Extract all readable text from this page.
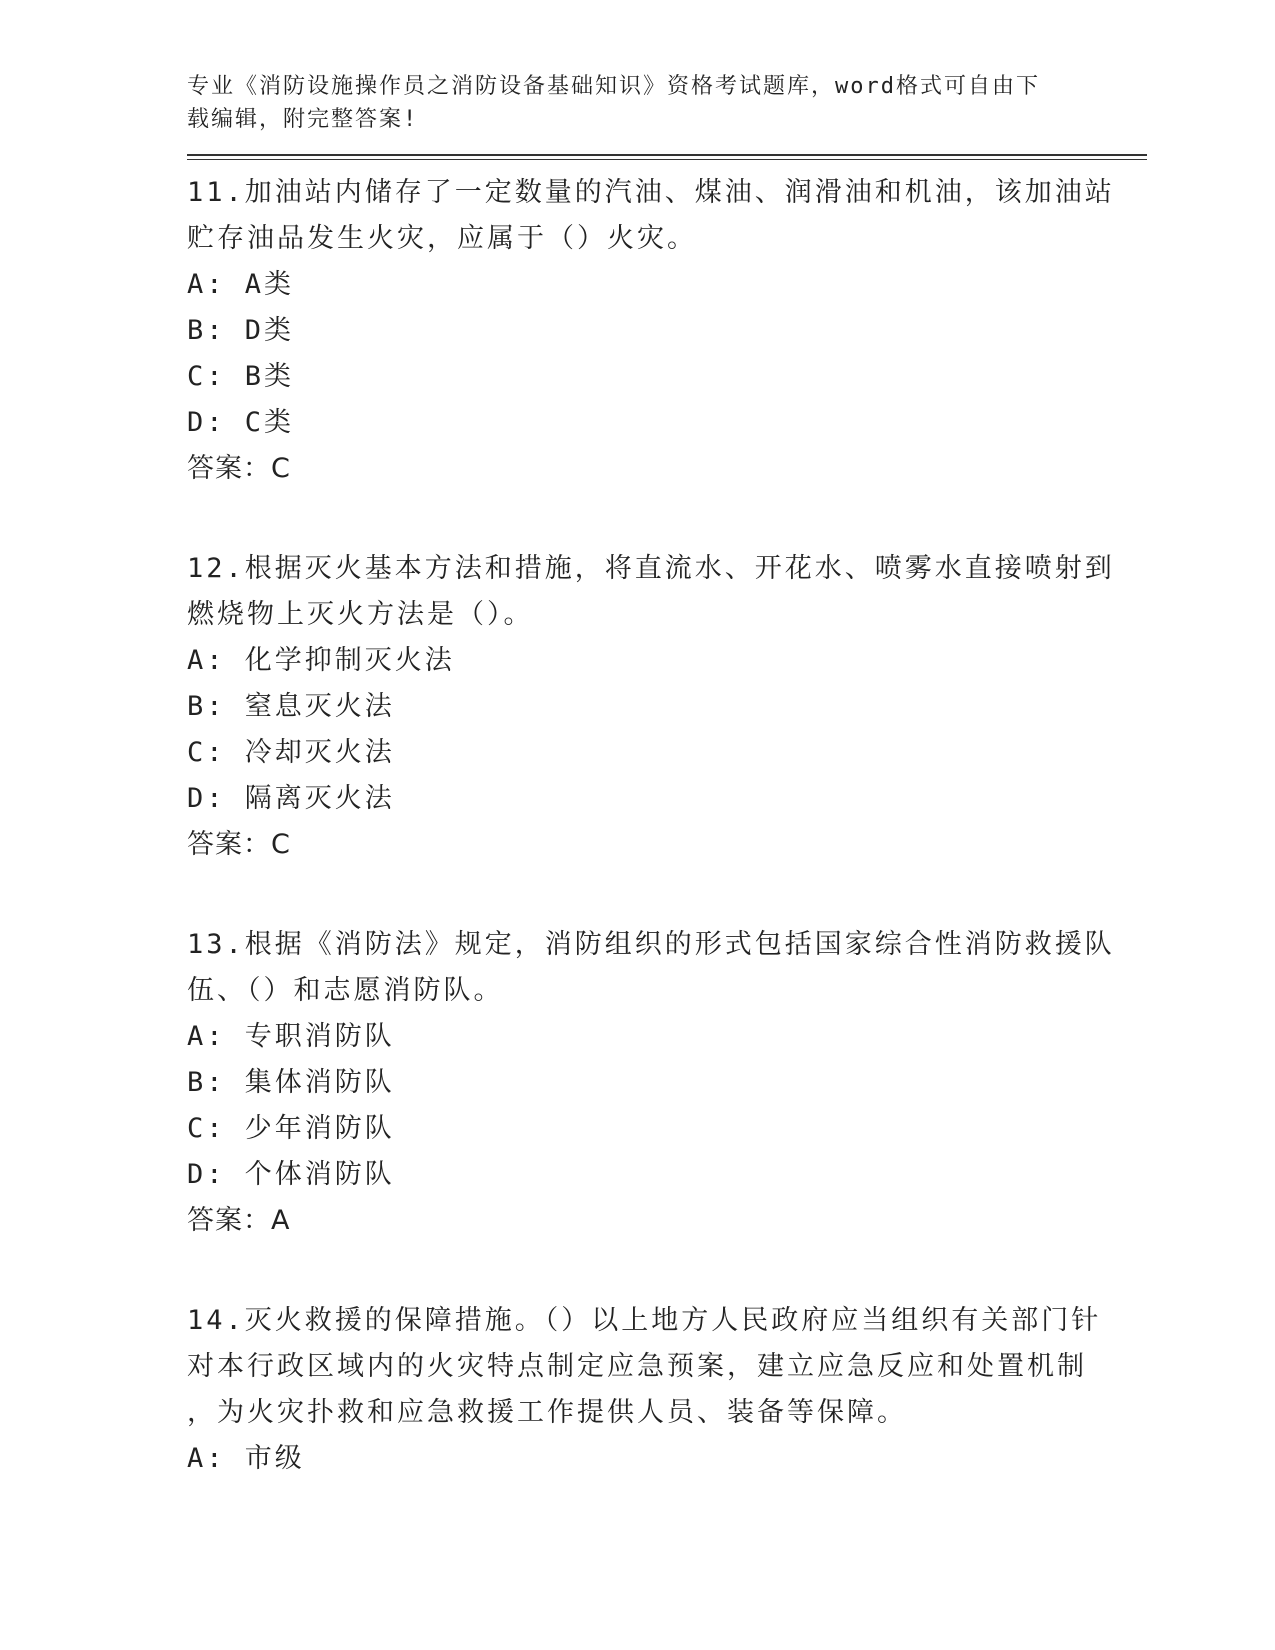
专业《消防设施操作员之消防设备基础知识》资格考试题库，word格式可自由下
载编辑，附完整答案!
11.加油站内储存了一定数量的汽油、煤油、润滑油和机油，该加油站
贮存油品发生火灾，应属于（）火灾。
A: A类
B: D类
C: B类
D: C类
答案：C
12.根据灭火基本方法和措施，将直流水、开花水、喷雾水直接喷射到
燃烧物上灭火方法是（）。
A: 化学抑制灭火法
B: 窒息灭火法
C: 冷却灭火法
D: 隔离灭火法
答案：C
13.根据《消防法》规定，消防组织的形式包括国家综合性消防救援队
伍、（）和志愿消防队。
A: 专职消防队
B: 集体消防队
C: 少年消防队
D: 个体消防队
答案：A
14.灭火救援的保障措施。（）以上地方人民政府应当组织有关部门针
对本行政区域内的火灾特点制定应急预案，建立应急反应和处置机制
，为火灾扑救和应急救援工作提供人员、装备等保障。
A: 市级
